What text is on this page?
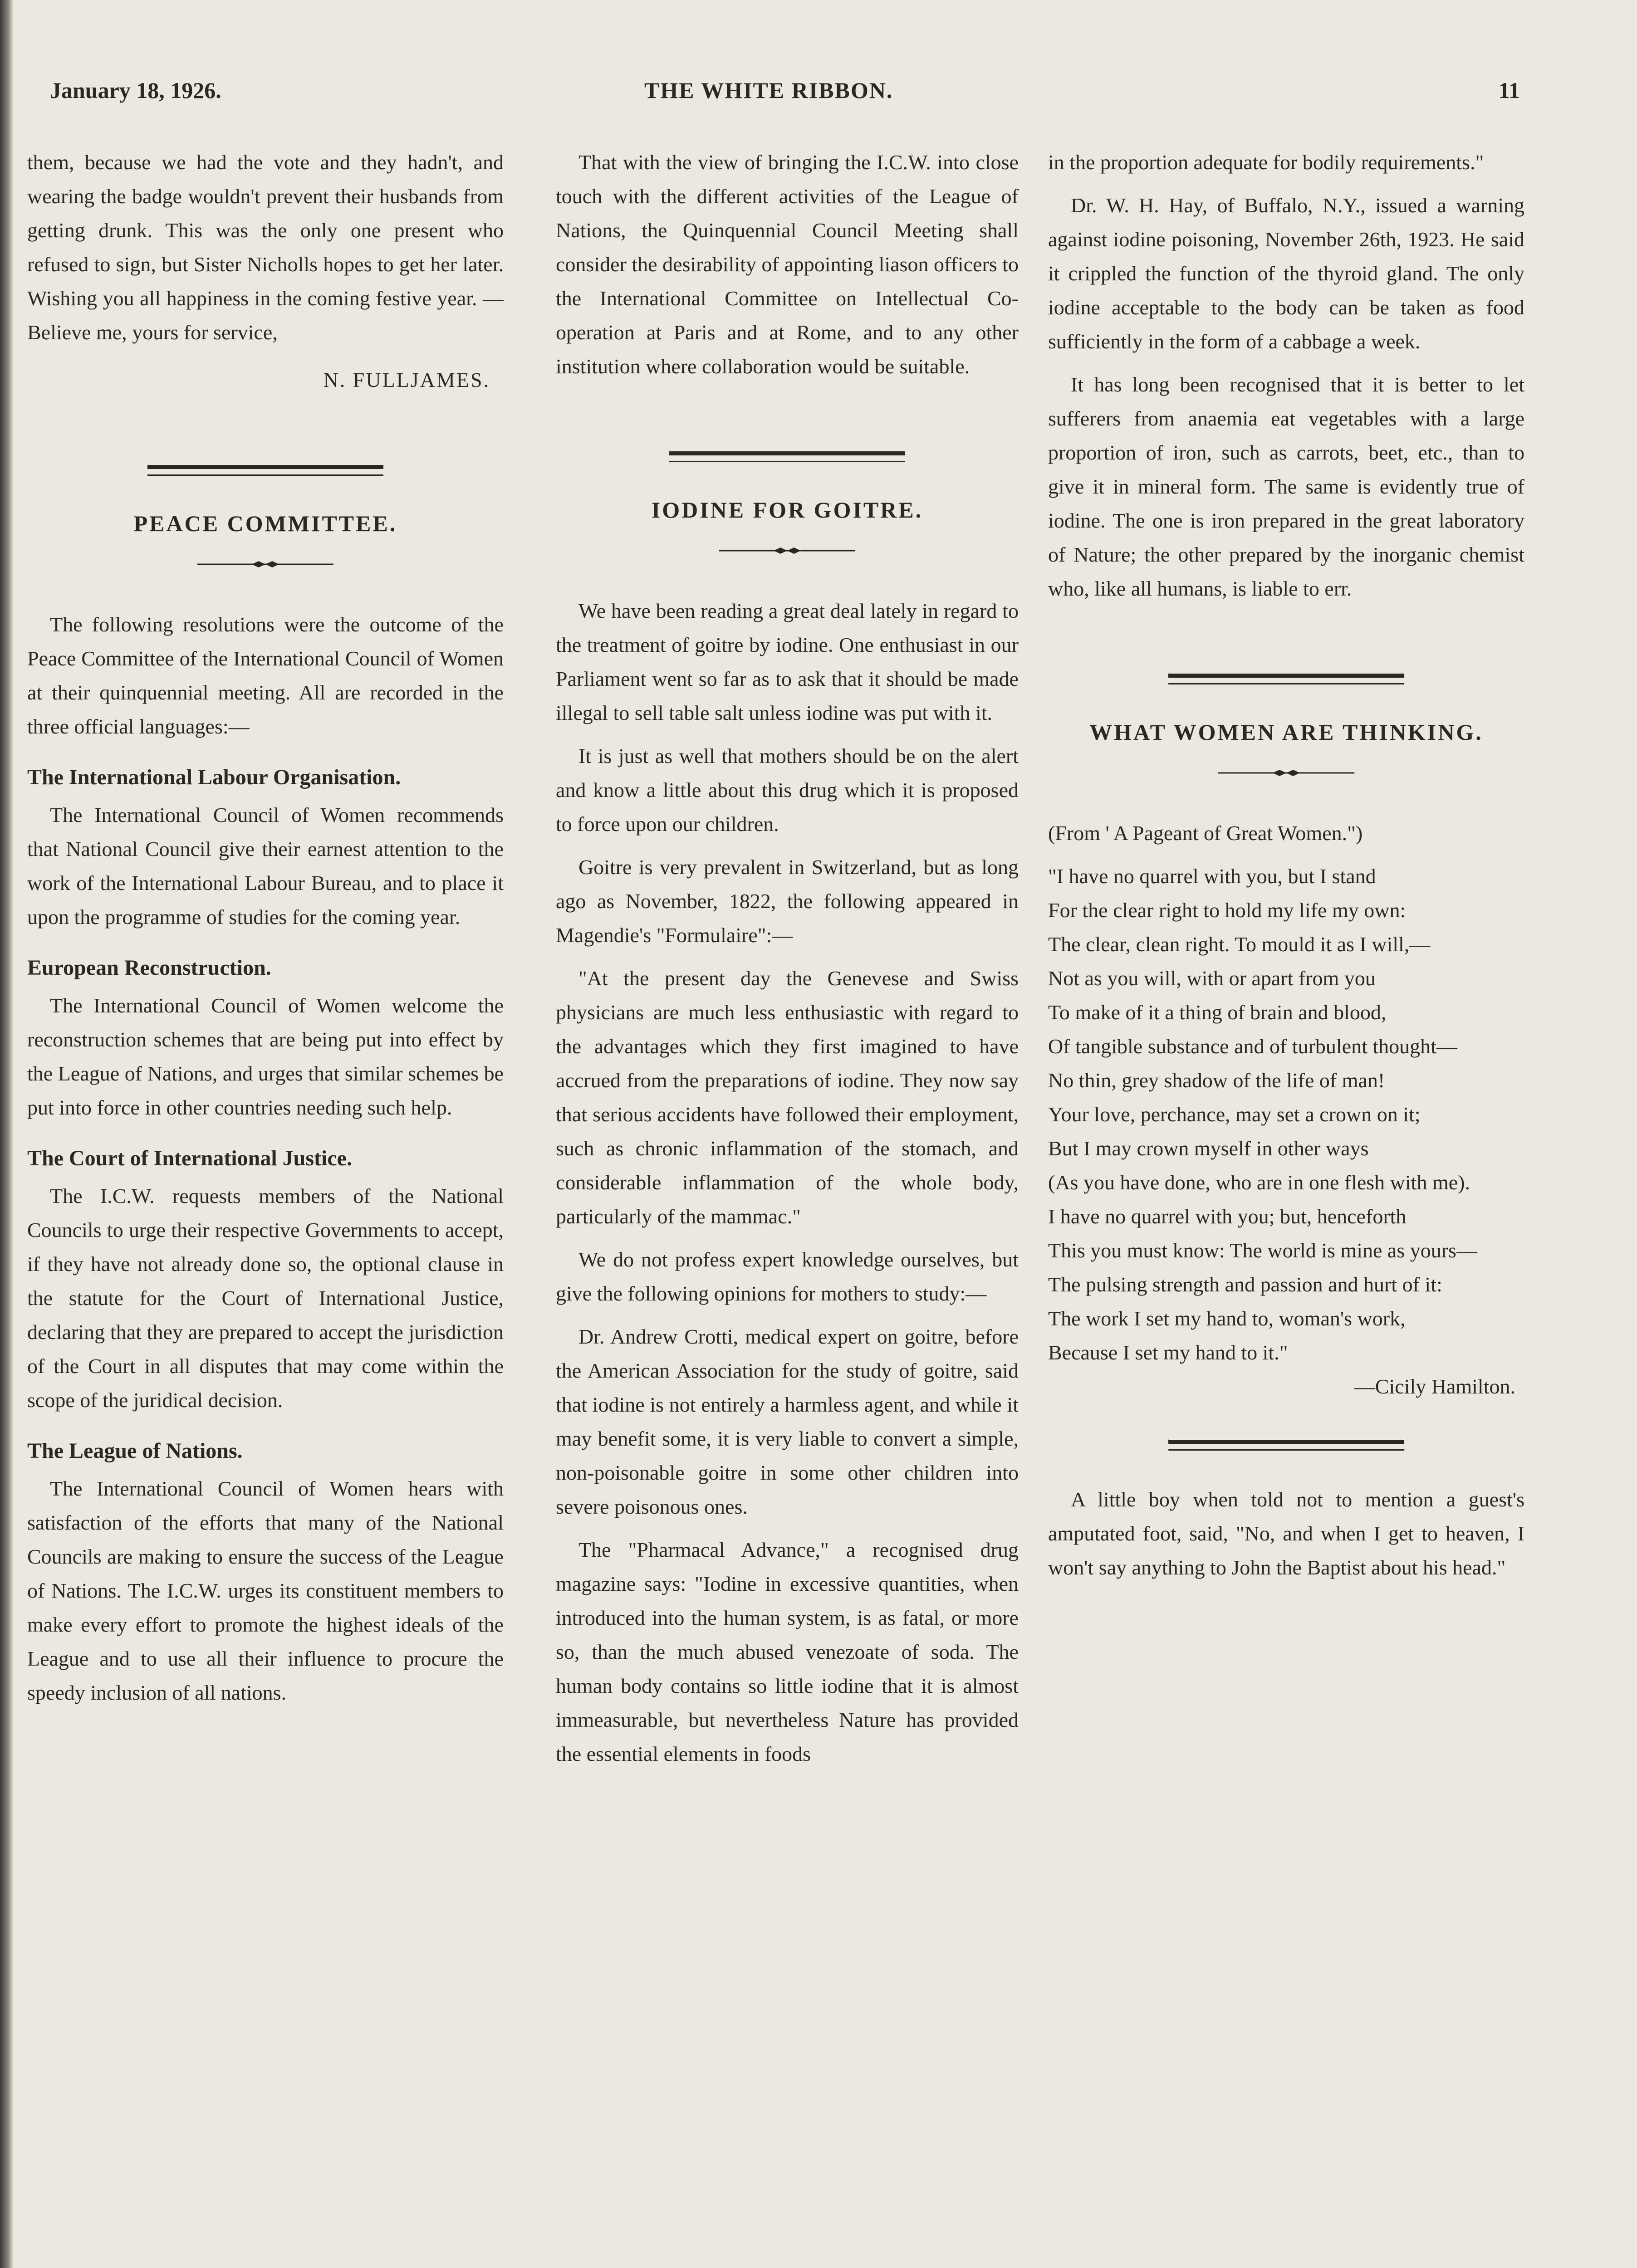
January 18, 1926.	THE WHITE RIBBON.	11

them, because we had the vote and they hadn't, and wearing the badge wouldn't prevent their husbands from getting drunk. This was the only one present who refused to sign, but Sister Nicholls hopes to get her later. Wishing you all happiness in the coming festive year. —Believe me, yours for service,

N. FULLJAMES.

PEACE COMMITTEE.

The following resolutions were the outcome of the Peace Committee of the International Council of Women at their quinquennial meeting. All are recorded in the three official languages:—

The International Labour Organisation.

The International Council of Women recommends that National Council give their earnest attention to the work of the International Labour Bureau, and to place it upon the programme of studies for the coming year.

European Reconstruction.

The International Council of Women welcome the reconstruction schemes that are being put into effect by the League of Nations, and urges that similar schemes be put into force in other countries needing such help.

The Court of International Justice.

The I.C.W. requests members of the National Councils to urge their respective Governments to accept, if they have not already done so, the optional clause in the statute for the Court of International Justice, declaring that they are prepared to accept the jurisdiction of the Court in all disputes that may come within the scope of the juridical decision.

The League of Nations.

The International Council of Women hears with satisfaction of the efforts that many of the National Councils are making to ensure the success of the League of Nations. The I.C.W. urges its constituent members to make every effort to promote the highest ideals of the League and to use all their influence to procure the speedy inclusion of all nations.

That with the view of bringing the I.C.W. into close touch with the different activities of the League of Nations, the Quinquennial Council Meeting shall consider the desirability of appointing liason officers to the International Committee on Intellectual Co-operation at Paris and at Rome, and to any other institution where collaboration would be suitable.

IODINE FOR GOITRE.

We have been reading a great deal lately in regard to the treatment of goitre by iodine. One enthusiast in our Parliament went so far as to ask that it should be made illegal to sell table salt unless iodine was put with it.

It is just as well that mothers should be on the alert and know a little about this drug which it is proposed to force upon our children.

Goitre is very prevalent in Switzerland, but as long ago as November, 1822, the following appeared in Magendie's "Formulaire":—

"At the present day the Genevese and Swiss physicians are much less enthusiastic with regard to the advantages which they first imagined to have accrued from the preparations of iodine. They now say that serious accidents have followed their employment, such as chronic inflammation of the stomach, and considerable inflammation of the whole body, particularly of the mammac."

We do not profess expert knowledge ourselves, but give the following opinions for mothers to study:—

Dr. Andrew Crotti, medical expert on goitre, before the American Association for the study of goitre, said that iodine is not entirely a harmless agent, and while it may benefit some, it is very liable to convert a simple, non-poisonable goitre in some other children into severe poisonous ones.

The "Pharmacal Advance," a recognised drug magazine says: "Iodine in excessive quantities, when introduced into the human system, is as fatal, or more so, than the much abused venezoate of soda. The human body contains so little iodine that it is almost immeasurable, but nevertheless Nature has provided the essential elements in foods

in the proportion adequate for bodily requirements."

Dr. W. H. Hay, of Buffalo, N.Y., issued a warning against iodine poisoning, November 26th, 1923. He said it crippled the function of the thyroid gland. The only iodine acceptable to the body can be taken as food sufficiently in the form of a cabbage a week.

It has long been recognised that it is better to let sufferers from anaemia eat vegetables with a large proportion of iron, such as carrots, beet, etc., than to give it in mineral form. The same is evidently true of iodine. The one is iron prepared in the great laboratory of Nature; the other prepared by the inorganic chemist who, like all humans, is liable to err.

WHAT WOMEN ARE THINKING.

(From ' A Pageant of Great Women.")

"I have no quarrel with you, but I stand
For the clear right to hold my life my own:
The clear, clean right. To mould it as I will,—
Not as you will, with or apart from you
To make of it a thing of brain and blood,
Of tangible substance and of turbulent thought—
No thin, grey shadow of the life of man!
Your love, perchance, may set a crown on it;
But I may crown myself in other ways
(As you have done, who are in one flesh with me).
I have no quarrel with you; but, henceforth
This you must know: The world is mine as yours—
The pulsing strength and passion and hurt of it:
The work I set my hand to, woman's work,
Because I set my hand to it."

—Cicily Hamilton.

A little boy when told not to mention a guest's amputated foot, said, "No, and when I get to heaven, I won't say anything to John the Baptist about his head."
